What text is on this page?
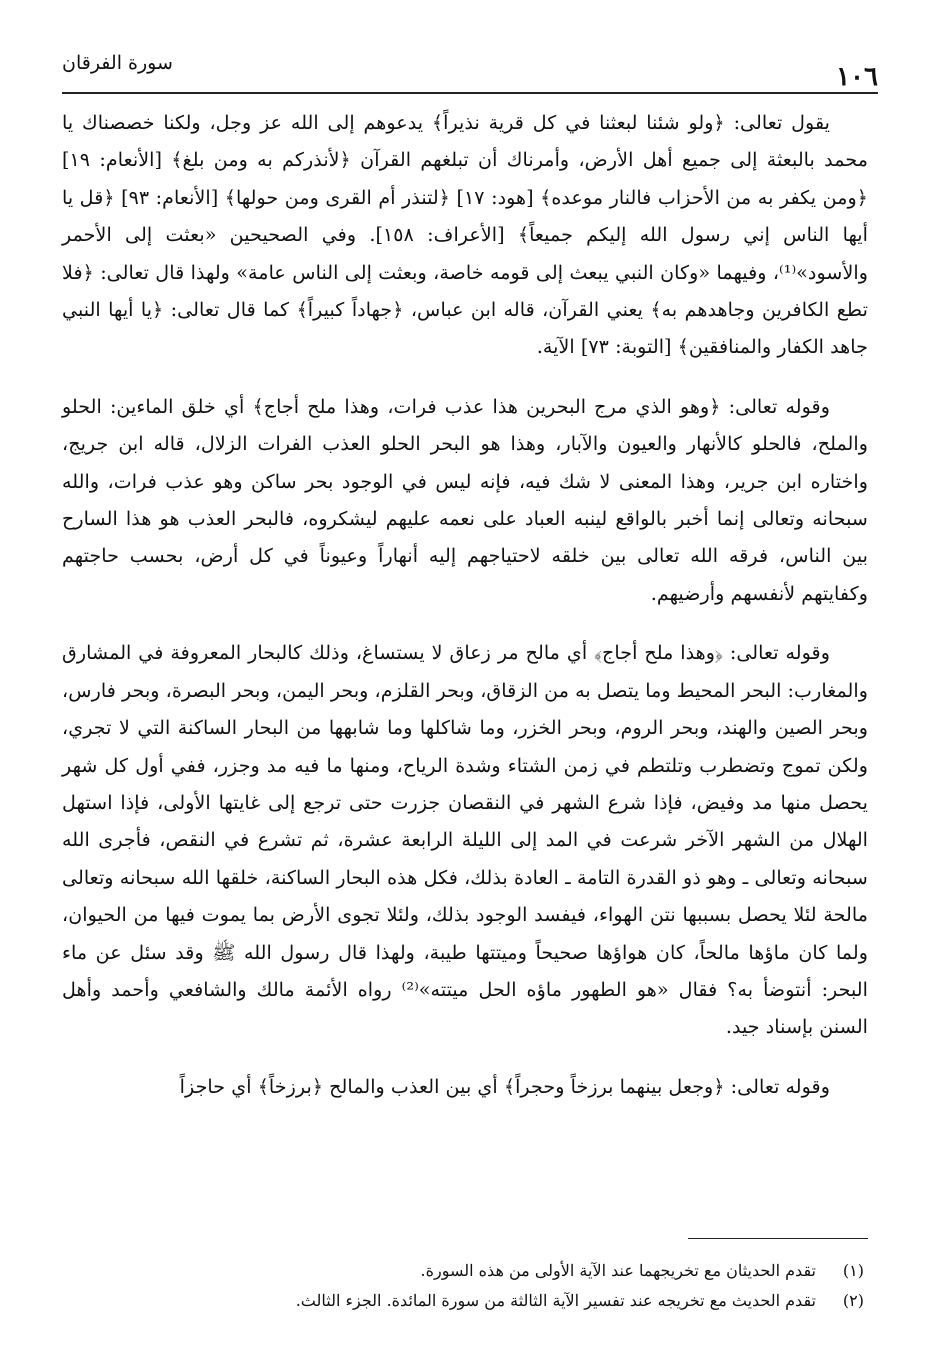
١٠٦
سورة الفرقان

يقول تعالى: ﴿ولو شئنا لبعثنا في كل قرية نذيراً﴾ يدعوهم إلى الله عز وجل، ولكنا خصصناك يا محمد بالبعثة إلى جميع أهل الأرض، وأمرناك أن تبلغهم القرآن ﴿لأنذركم به ومن بلغ﴾ [الأنعام: ١٩] ﴿ومن يكفر به من الأحزاب فالنار موعده﴾ [هود: ١٧] ﴿لتنذر أم القرى ومن حولها﴾ [الأنعام: ٩٣] ﴿قل يا أيها الناس إني رسول الله إليكم جميعاً﴾ [الأعراف: ١٥٨]. وفي الصحيحين «بعثت إلى الأحمر والأسود»⁽¹⁾، وفيهما «وكان النبي يبعث إلى قومه خاصة، وبعثت إلى الناس عامة» ولهذا قال تعالى: ﴿فلا تطع الكافرين وجاهدهم به﴾ يعني القرآن، قاله ابن عباس، ﴿جهاداً كبيراً﴾ كما قال تعالى: ﴿يا أيها النبي جاهد الكفار والمنافقين﴾ [التوبة: ٧٣] الآية.

وقوله تعالى: ﴿وهو الذي مرج البحرين هذا عذب فرات، وهذا ملح أجاج﴾ أي خلق الماءين: الحلو والملح، فالحلو كالأنهار والعيون والآبار، وهذا هو البحر الحلو العذب الفرات الزلال، قاله ابن جريج، واختاره ابن جرير، وهذا المعنى لا شك فيه، فإنه ليس في الوجود بحر ساكن وهو عذب فرات، والله سبحانه وتعالى إنما أخبر بالواقع لينبه العباد على نعمه عليهم ليشكروه، فالبحر العذب هو هذا السارح بين الناس، فرقه الله تعالى بين خلقه لاحتياجهم إليه أنهاراً وعيوناً في كل أرض، بحسب حاجتهم وكفايتهم لأنفسهم وأرضيهم.

وقوله تعالى: ﴿وهذا ملح أجاج﴾ أي مالح مر زعاق لا يستساغ، وذلك كالبحار المعروفة في المشارق والمغارب: البحر المحيط وما يتصل به من الزقاق، وبحر القلزم، وبحر اليمن، وبحر البصرة، وبحر فارس، وبحر الصين والهند، وبحر الروم، وبحر الخزر، وما شاكلها وما شابهها من البحار الساكنة التي لا تجري، ولكن تموج وتضطرب وتلتطم في زمن الشتاء وشدة الرياح، ومنها ما فيه مد وجزر، ففي أول كل شهر يحصل منها مد وفيض، فإذا شرع الشهر في النقصان جزرت حتى ترجع إلى غايتها الأولى، فإذا استهل الهلال من الشهر الآخر شرعت في المد إلى الليلة الرابعة عشرة، ثم تشرع في النقص، فأجرى الله سبحانه وتعالى ـ وهو ذو القدرة التامة ـ العادة بذلك، فكل هذه البحار الساكنة، خلقها الله سبحانه وتعالى مالحة لئلا يحصل بسببها نتن الهواء، فيفسد الوجود بذلك، ولئلا تجوى الأرض بما يموت فيها من الحيوان، ولما كان ماؤها مالحاً، كان هواؤها صحيحاً وميتتها طيبة، ولهذا قال رسول الله ﷺ وقد سئل عن ماء البحر: أنتوضأ به؟ فقال «هو الطهور ماؤه الحل ميتته»⁽²⁾ رواه الأئمة مالك والشافعي وأحمد وأهل السنن بإسناد جيد.

وقوله تعالى: ﴿وجعل بينهما برزخاً وحجراً﴾ أي بين العذب والمالح ﴿برزخاً﴾ أي حاجزاً

(١)
تقدم الحديثان مع تخريجهما عند الآية الأولى من هذه السورة.
(٢)
تقدم الحديث مع تخريجه عند تفسير الآية الثالثة من سورة المائدة. الجزء الثالث.
